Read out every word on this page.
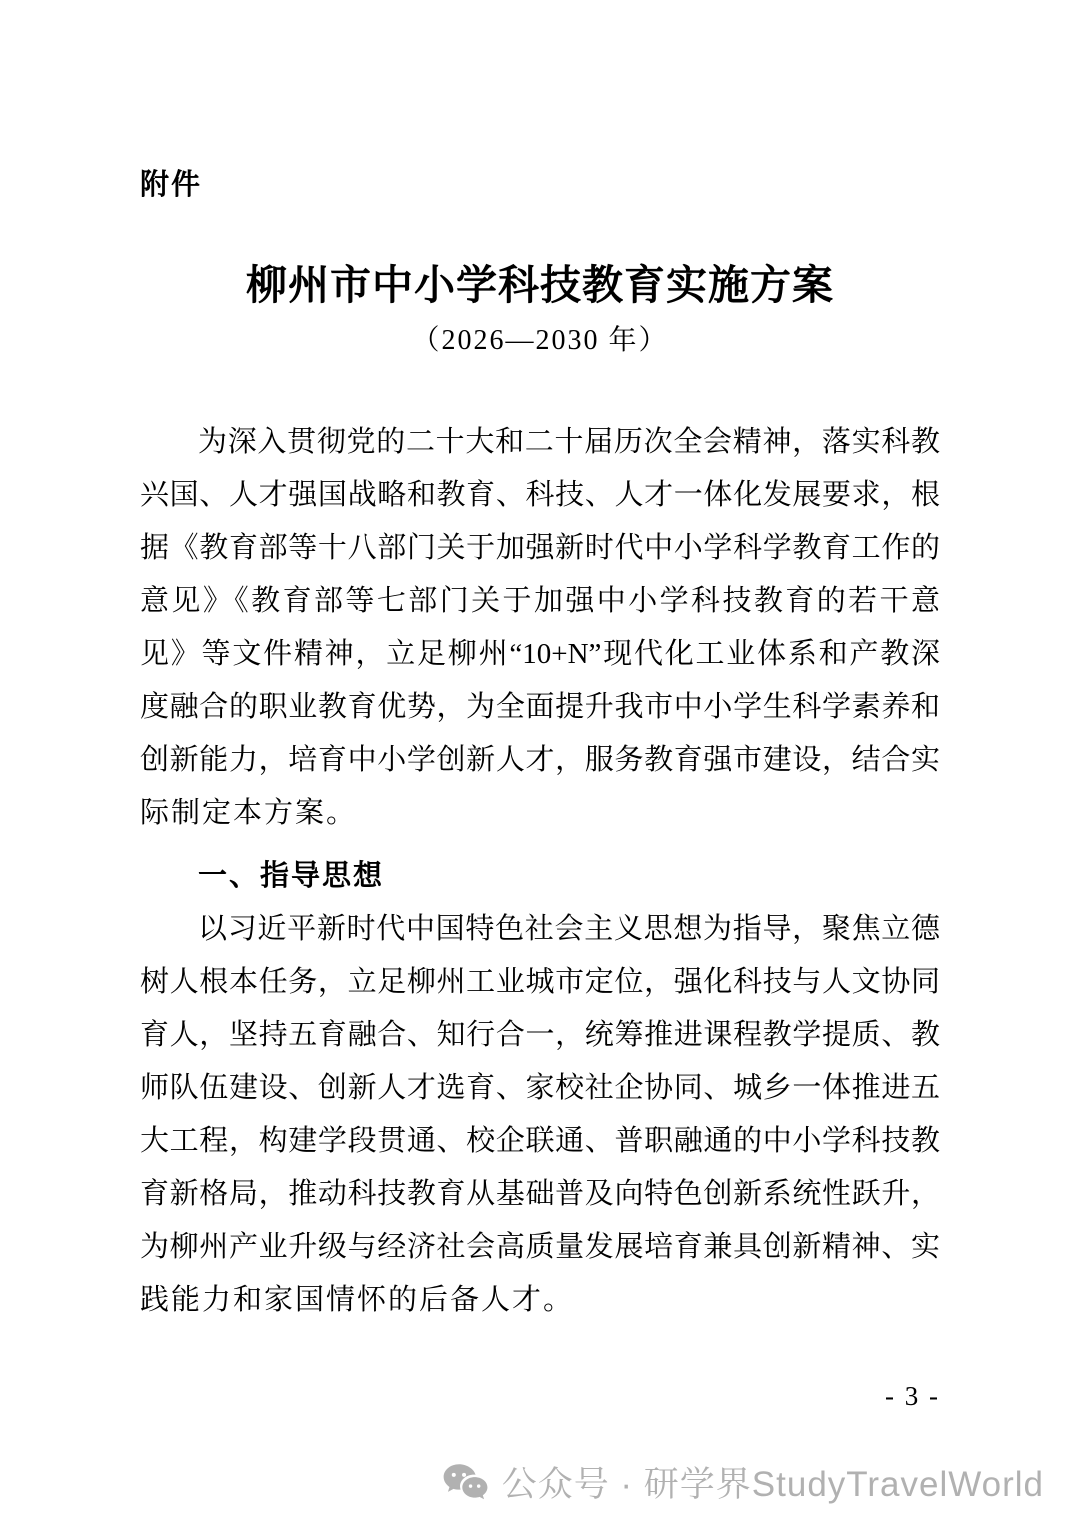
附件
柳州市中小学科技教育实施方案
（2026—2030 年）
为深入贯彻党的二十大和二十届历次全会精神，落实科教
兴国、人才强国战略和教育、科技、人才一体化发展要求，根
据《教育部等十八部门关于加强新时代中小学科学教育工作的
意见》《教育部等七部门关于加强中小学科技教育的若干意
见》等文件精神，立足柳州“10+N”现代化工业体系和产教深
度融合的职业教育优势，为全面提升我市中小学生科学素养和
创新能力，培育中小学创新人才，服务教育强市建设，结合实
际制定本方案。
一、指导思想
以习近平新时代中国特色社会主义思想为指导，聚焦立德
树人根本任务，立足柳州工业城市定位，强化科技与人文协同
育人，坚持五育融合、知行合一，统筹推进课程教学提质、教
师队伍建设、创新人才选育、家校社企协同、城乡一体推进五
大工程，构建学段贯通、校企联通、普职融通的中小学科技教
育新格局，推动科技教育从基础普及向特色创新系统性跃升，
为柳州产业升级与经济社会高质量发展培育兼具创新精神、实
践能力和家国情怀的后备人才。
- 3 -
公众号 · 研学界StudyTravelWorld
